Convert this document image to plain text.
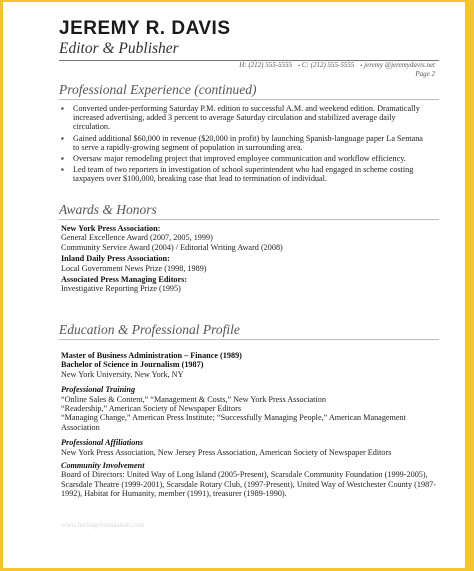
JEREMY R. DAVIS
Editor & Publisher
H: (212) 555-5555 ▪ C: (212) 555-5555 ▪ jeremy @jeremydavis.net
Page 2
Professional Experience (continued)
▪ Converted under-performing Saturday P.M. edition to successful A.M. and weekend edition. Dramatically increased advertising, added 3 percent to average Saturday circulation and stabilized average daily circulation.
▪ Gained additional $60,000 in revenue ($20,000 in profit) by launching Spanish-language paper La Semana to serve a rapidly-growing segment of population in surrounding area.
▪ Oversaw major remodeling project that improved employee communication and workflow efficiency.
▪ Led team of two reporters in investigation of school superintendent who had engaged in scheme costing taxpayers over $100,000, breaking case that lead to termination of individual.
Awards & Honors
New York Press Association:
General Excellence Award (2007, 2005, 1999)
Community Service Award (2004) / Editorial Writing Award (2008)
Inland Daily Press Association:
Local Government News Prize (1998, 1989)
Associated Press Managing Editors:
Investigative Reporting Prize (1995)
Education & Professional Profile
Master of Business Administration – Finance (1989)
Bachelor of Science in Journalism (1987)
New York University, New York, NY
Professional Training
“Online Sales & Content,” “Management & Costs,” New York Press Association
“Readership,” American Society of Newspaper Editors
“Managing Change,” American Press Institute; “Successfully Managing People,” American Management Association
Professional Affiliations
New York Press Association, New Jersey Press Association, American Society of Newspaper Editors
Community Involvement
Board of Directors: United Way of Long Island (2005-Present), Scarsdale Community Foundation (1999-2005), Scarsdale Theatre (1999-2001), Scarsdale Rotary Club, (1997-Present), United Way of Westchester County (1987-1992), Habitat for Humanity, member (1991), treasurer (1989-1990).
www.heritagefoundation.com
